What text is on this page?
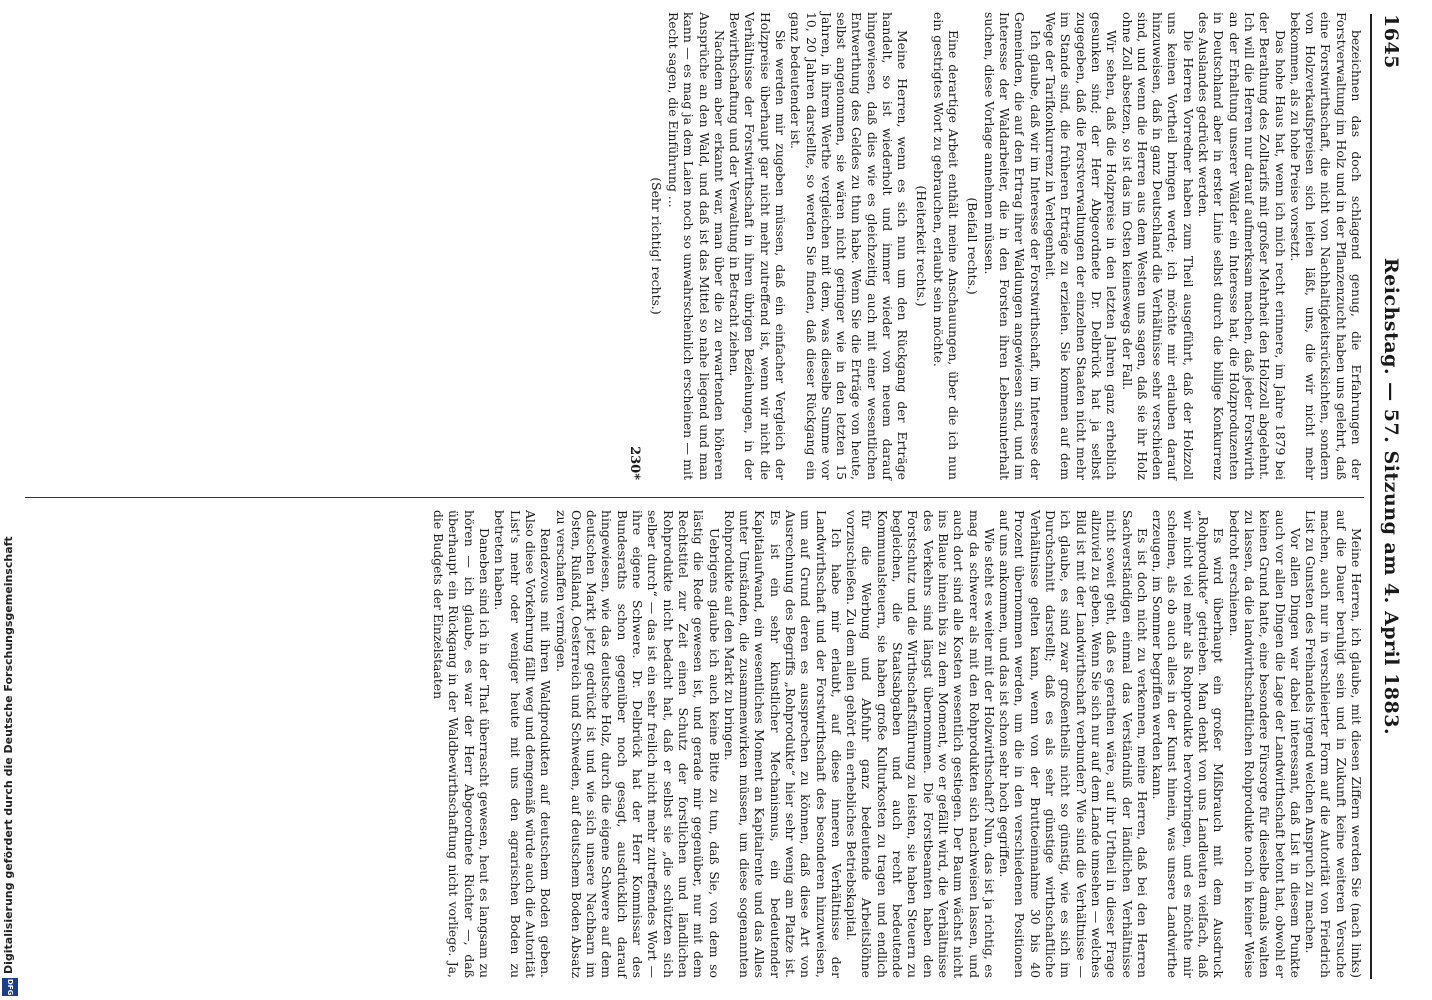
1645
Reichstag. — 57. Sitzung am 4. April 1883.

bezeichnen das doch schlagend genug, die Erfahrungen der Forstverwaltung im Holz und in der Pflanzenzucht haben uns gelehrt, daß eine Forstwirthschaft, die nicht von Nachhaltigkeitsrücksichten, sondern von Holzverkaufspreisen sich leiten läßt, uns, die wir nicht mehr bekommen, als zu hohe Preise vorsetzt.

Das hohe Haus hat, wenn ich mich recht erinnere, im Jahre 1879 bei der Berathung des Zolltarifs mit großer Mehrheit den Holzzoll abgelehnt. Ich will die Herren nur darauf aufmerksam machen, daß jeder Forstwirth an der Erhaltung unserer Wälder ein Interesse hat, die Holzproduzenten in Deutschland aber in erster Linie selbst durch die billige Konkurrenz des Auslandes gedrückt werden.

Die Herren Vorredner haben zum Theil ausgeführt, daß der Holzzoll uns keinen Vortheil bringen werde; ich möchte mir erlauben darauf hinzuweisen, daß in ganz Deutschland die Verhältnisse sehr verschieden sind, und wenn die Herren aus dem Westen uns sagen, daß sie ihr Holz ohne Zoll absetzen, so ist das im Osten keineswegs der Fall.

Wir sehen, daß die Holzpreise in den letzten Jahren ganz erheblich gesunken sind; der Herr Abgeordnete Dr. Delbrück hat ja selbst zugegeben, daß die Forstverwaltungen der einzelnen Staaten nicht mehr im Stande sind, die früheren Erträge zu erzielen. Sie kommen auf dem Wege der Tarifkonkurrenz in Verlegenheit.

Ich glaube, daß wir im Interesse der Forstwirthschaft, im Interesse der Gemeinden, die auf den Ertrag ihrer Waldungen angewiesen sind, und im Interesse der Waldarbeiter, die in den Forsten ihren Lebensunterhalt suchen, diese Vorlage annehmen müssen.

(Beifall rechts.)

Eine derartige Arbeit enthält meine Anschauungen, über die ich nun ein gestrigtes Wort zu gebrauchen, erlaubt sein möchte.

(Heiterkeit rechts.)

Meine Herren, wenn es sich nun um den Rückgang der Erträge handelt, so ist wiederholt und immer wieder von neuem darauf hingewiesen, daß dies wie es gleichzeitig auch mit einer wesentlichen Entwerthung des Geldes zu thun habe. Wenn Sie die Erträge von heute, selbst angenommen, sie wären nicht geringer wie in den letzten 15 Jahren, in ihrem Werthe vergleichen mit dem, was dieselbe Summe vor 10, 20 Jahren darstellte, so werden Sie finden, daß dieser Rückgang ein ganz bedeutender ist.

Sie werden mir zugeben müssen, daß ein einfacher Vergleich der Holzpreise überhaupt gar nicht mehr zutreffend ist, wenn wir nicht die Verhältnisse der Forstwirthschaft in ihren übrigen Beziehungen, in der Bewirthschaftung und der Verwaltung in Betracht ziehen.

Nachdem aber erkannt war, man über die zu erwartenden höheren Ansprüche an den Wald, und daß ist das Mittel so nahe liegend und man kann — es mag ja dem Laien noch so unwahrscheinlich erscheinen — mit Recht sagen, die Einführung ...

(Sehr richtig! rechts.)

230*

Meine Herren, ich glaube, mit diesen Ziffern werden Sie (nach links) auf die Dauer beruhigt sein und in Zukunft keine weiteren Versuche machen, auch nur in verschleierter Form auf die Autorität von Friedrich List zu Gunsten des Freihandels irgend welchen Anspruch zu machen.

Vor allen Dingen war dabei interessant, daß List in diesem Punkte auch vor allen Dingen die Lage der Landwirthschaft betont hat, obwohl er keinen Grund hatte, eine besondere Fürsorge für dieselbe damals walten zu lassen, da die landwirthschaftlichen Rohprodukte noch in keiner Weise bedroht erschienen.

Es wird überhaupt ein großer Mißbrauch mit dem Ausdruck „Rohprodukte“ getrieben. Man denkt von uns Landleuten vielfach, daß wir nicht viel mehr als Rohprodukte hervorbringen, und es möchte mir scheinen, als ob auch alles in der Kunst hinein, was unsere Landwirthe erzeugen, im Sommer begriffen werden kann.

Es ist doch nicht zu verkennen, meine Herren, daß bei den Herren Sachverständigen einmal das Verständniß der ländlichen Verhältnisse nicht soweit geht, daß es gerathen wäre, auf ihr Urtheil in dieser Frage allzuviel zu geben. Wenn Sie sich nur auf dem Lande umsehen — welches Bild ist mit der Landwirthschaft verbunden? Wie sind die Verhältnisse — ich glaube, es sind zwar großentheils nicht so günstig, wie es sich im Durchschnitt darstellt; daß es als sehr günstige wirthschaftliche Verhältnisse gelten kann, wenn von der Bruttoeinnahme 30 bis 40 Prozent übernommen werden, um die in den verschiedenen Positionen auf uns ankommen, und das ist schon sehr hoch gegriffen.

Wie steht es weiter mit der Holzwirthschaft? Nun, das ist ja richtig, es mag da schwerer als mit den Rohprodukten sich nachweisen lassen, und auch dort sind alle Kosten wesentlich gestiegen. Der Baum wächst nicht ins Blaue hinein bis zu dem Moment, wo er gefällt wird, die Verhältnisse des Verkehrs sind längst übernommen. Die Forstbeamten haben den Forstschutz und die Wirthschaftsführung zu leisten, sie haben Steuern zu begleichen, die Staatsabgaben und auch recht bedeutende Kommunalsteuern, sie haben große Kulturkosten zu tragen und endlich für die Werbung und Abfuhr ganz bedeutende Arbeitslöhne vorzuschießen. Zu dem allen gehört ein erhebliches Betriebskapital.

Ich habe mir erlaubt, auf diese inneren Verhältnisse der Landwirthschaft und der Forstwirthschaft des besonderen hinzuweisen, um auf Grund deren es aussprechen zu können, daß diese Art von Ausrechnung des Begriffs „Rohprodukte“ hier sehr wenig am Platze ist. Es ist ein sehr künstlicher Mechanismus, ein bedeutender Kapitalaufwand, ein wesentliches Moment an Kapitalrente und das Alles unter Umständen, die zusammenwirken müssen, um diese sogenannten Rohprodukte auf den Markt zu bringen.

Uebrigens glaube ich auch keine Bitte zu tun, daß Sie, von dem so lästig die Rede gewesen ist, und gerade mir gegenüber, nur mit dem Rechtstitel zur Zeit einen Schutz der forstlichen und ländlichen Rohprodukte nicht bedacht hat, daß er selbst sie „die schützten sich selber durch“ — das ist ein sehr freilich nicht mehr zutreffendes Wort — ihre eigene Schwere. Dr. Delbrück hat der Herr Kommissar des Bundesraths schon gegenüber noch gesagt, ausdrücklich darauf hingewiesen, wie das deutsche Holz, durch die eigene Schwere auf dem deutschen Markt jetzt gedrückt ist und wie sich unsere Nachbarn im Osten, Rußland, Oesterreich und Schweden, auf deutschem Boden Absatz zu verschaffen vermögen.

Rendezvous mit ihren Waldprodukten auf deutschem Boden geben. Also diese Vorkehrung fällt weg und demgemäß würde auch die Autorität List's mehr oder weniger heute mit uns den agrarischen Boden zu betreten haben.

Daneben sind ich in der That überrascht gewesen, heut es langsam zu hören — ich glaube, es war der Herr Abgeordnete Richter —, daß überhaupt ein Rückgang in der Waldbewirthschaftung nicht vorliege. Ja, die Budgets der Einzelstaaten

Digitalisierung gefördert durch die Deutsche Forschungsgemeinschaft
DFG
